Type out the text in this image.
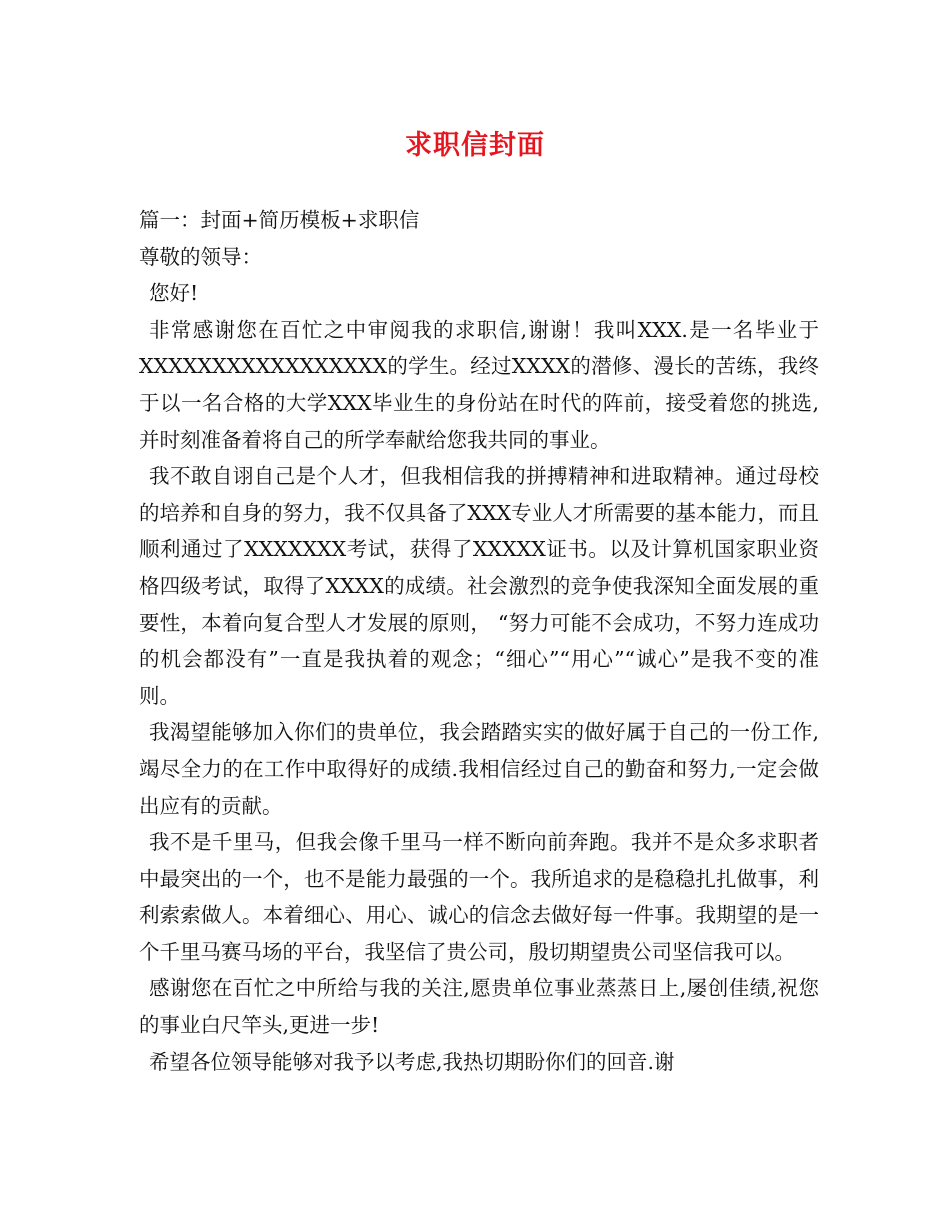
求职信封面

篇一：封面+简历模板+求职信

尊敬的领导：

您好!

非常感谢您在百忙之中审阅我的求职信,谢谢！我叫XXX.是一名毕业于XXXXXXXXXXXXXXXXX的学生。经过XXXX的潜修、漫长的苦练，我终于以一名合格的大学XXX毕业生的身份站在时代的阵前，接受着您的挑选,并时刻准备着将自己的所学奉献给您我共同的事业。

我不敢自诩自己是个人才，但我相信我的拼搏精神和进取精神。通过母校的培养和自身的努力，我不仅具备了XXX专业人才所需要的基本能力，而且顺利通过了XXXXXXX考试，获得了XXXXX证书。以及计算机国家职业资格四级考试，取得了XXXX的成绩。社会激烈的竞争使我深知全面发展的重要性，本着向复合型人才发展的原则， “努力可能不会成功，不努力连成功的机会都没有”一直是我执着的观念；“细心”“用心”“诚心”是我不变的准则。

我渴望能够加入你们的贵单位，我会踏踏实实的做好属于自己的一份工作,竭尽全力的在工作中取得好的成绩.我相信经过自己的勤奋和努力,一定会做出应有的贡献。

我不是千里马，但我会像千里马一样不断向前奔跑。我并不是众多求职者中最突出的一个，也不是能力最强的一个。我所追求的是稳稳扎扎做事，利利索索做人。本着细心、用心、诚心的信念去做好每一件事。我期望的是一个千里马赛马场的平台，我坚信了贵公司，殷切期望贵公司坚信我可以。

感谢您在百忙之中所给与我的关注,愿贵单位事业蒸蒸日上,屡创佳绩,祝您的事业白尺竿头,更进一步!

希望各位领导能够对我予以考虑,我热切期盼你们的回音.谢
